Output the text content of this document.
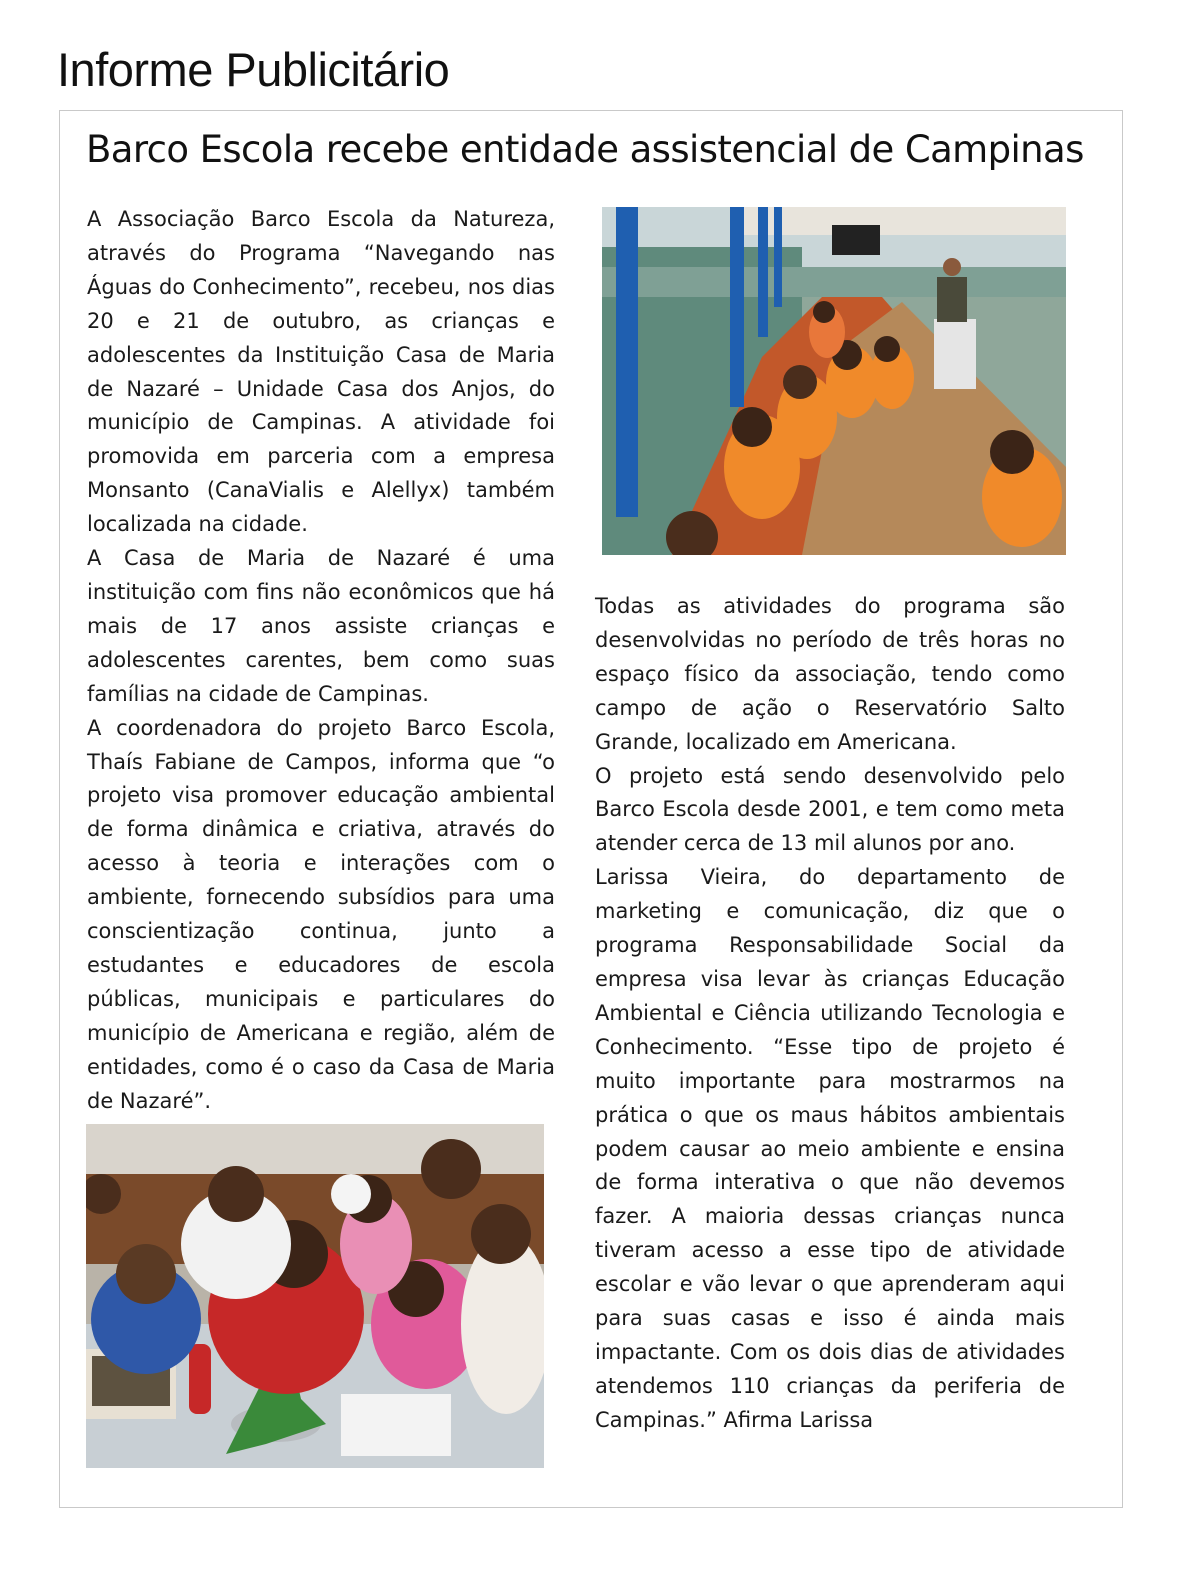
Informe Publicitário
Barco Escola recebe entidade assistencial de Campinas

A Associação Barco Escola da Natureza, através do Programa “Navegando nas Águas do Conhecimento”, recebeu, nos dias 20 e 21 de outubro, as crianças e adolescentes da Instituição Casa de Maria de Nazaré – Unidade Casa dos Anjos, do município de Campinas. A atividade foi promovida em parceria com a empresa Monsanto (CanaVialis e Alellyx) também localizada na cidade.

A Casa de Maria de Nazaré é uma instituição com fins não econômicos que há mais de 17 anos assiste crianças e adolescentes carentes, bem como suas famílias na cidade de Campinas.

A coordenadora do projeto Barco Escola, Thaís Fabiane de Campos, informa que “o projeto visa promover educação ambiental de forma dinâmica e criativa, através do acesso à teoria e interações com o ambiente, fornecendo subsídios para uma conscientização continua, junto a estudantes e educadores de escola públicas, municipais e particulares do município de Americana e região, além de entidades, como é o caso da Casa de Maria de Nazaré”.

Todas as atividades do programa são desenvolvidas no período de três horas no espaço físico da associação, tendo como campo de ação o Reservatório Salto Grande, localizado em Americana.

O projeto está sendo desenvolvido pelo Barco Escola desde 2001, e tem como meta atender cerca de 13 mil alunos por ano.

Larissa Vieira, do departamento de marketing e comunicação, diz que o programa Responsabilidade Social da empresa visa levar às crianças Educação Ambiental e Ciência utilizando Tecnologia e Conhecimento. “Esse tipo de projeto é muito importante para mostrarmos na prática o que os maus hábitos ambientais podem causar ao meio ambiente e ensina de forma interativa o que não devemos fazer. A maioria dessas crianças nunca tiveram acesso a esse tipo de atividade escolar e vão levar o que aprenderam aqui para suas casas e isso é ainda mais impactante. Com os dois dias de atividades atendemos 110 crianças da periferia de Campinas.” Afirma Larissa
